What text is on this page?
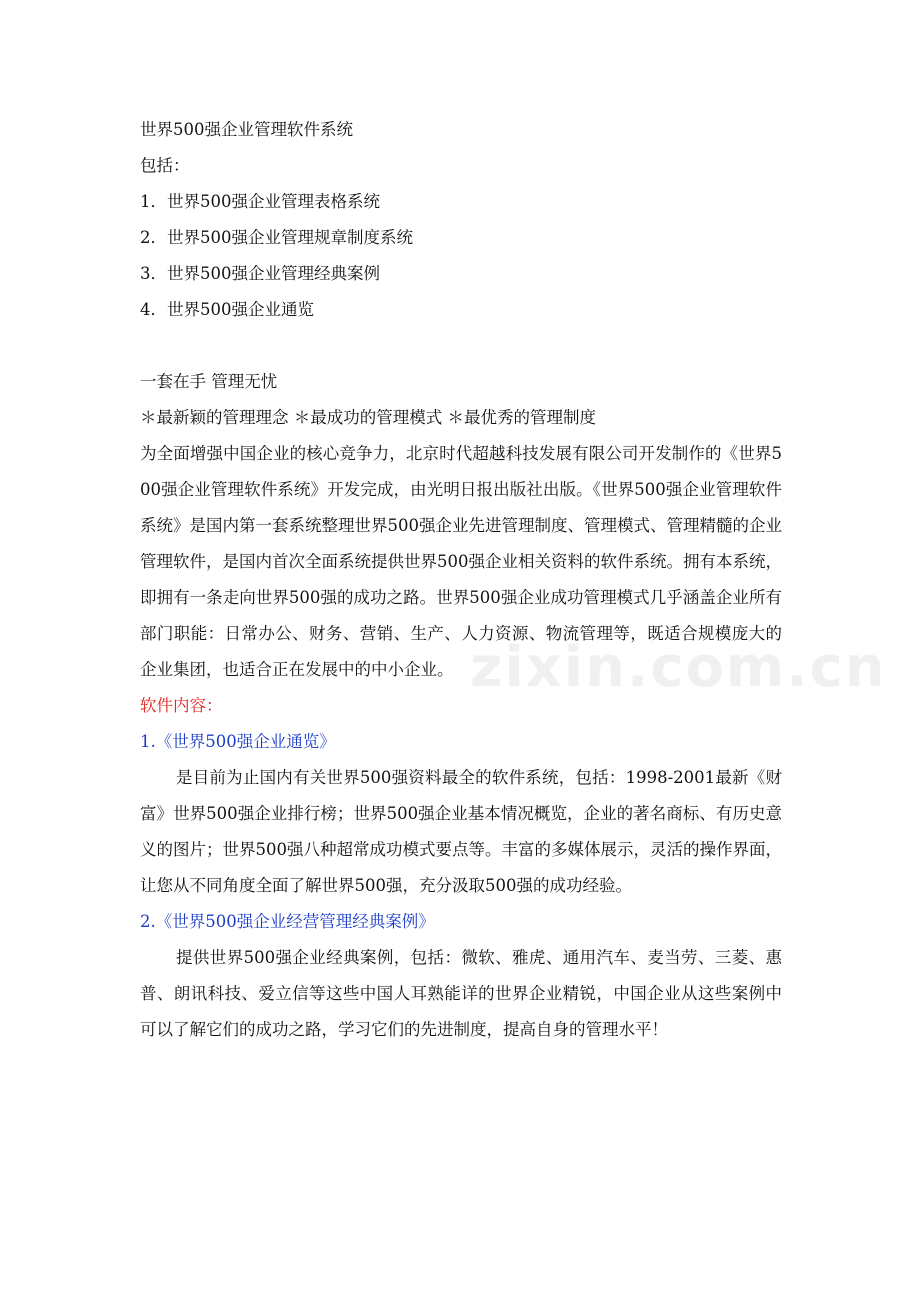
zixin.com.cn
世界500强企业管理软件系统
包括：
1．世界500强企业管理表格系统
2．世界500强企业管理规章制度系统
3．世界500强企业管理经典案例
4．世界500强企业通览
一套在手 管理无忧
＊最新颖的管理理念 ＊最成功的管理模式 ＊最优秀的管理制度

为全面增强中国企业的核心竞争力，北京时代超越科技发展有限公司开发制作的《世界500强企业管理软件系统》开发完成，由光明日报出版社出版。《世界500强企业管理软件系统》是国内第一套系统整理世界500强企业先进管理制度、管理模式、管理精髓的企业管理软件，是国内首次全面系统提供世界500强企业相关资料的软件系统。拥有本系统，即拥有一条走向世界500强的成功之路。世界500强企业成功管理模式几乎涵盖企业所有部门职能：日常办公、财务、营销、生产、人力资源、物流管理等，既适合规模庞大的企业集团，也适合正在发展中的中小企业。

软件内容：
1.《世界500强企业通览》

是目前为止国内有关世界500强资料最全的软件系统，包括：1998-2001最新《财富》世界500强企业排行榜；世界500强企业基本情况概览，企业的著名商标、有历史意义的图片；世界500强八种超常成功模式要点等。丰富的多媒体展示，灵活的操作界面，让您从不同角度全面了解世界500强，充分汲取500强的成功经验。

2.《世界500强企业经营管理经典案例》

提供世界500强企业经典案例，包括：微软、雅虎、通用汽车、麦当劳、三菱、惠普、朗讯科技、爱立信等这些中国人耳熟能详的世界企业精锐，中国企业从这些案例中可以了解它们的成功之路，学习它们的先进制度，提高自身的管理水平！
